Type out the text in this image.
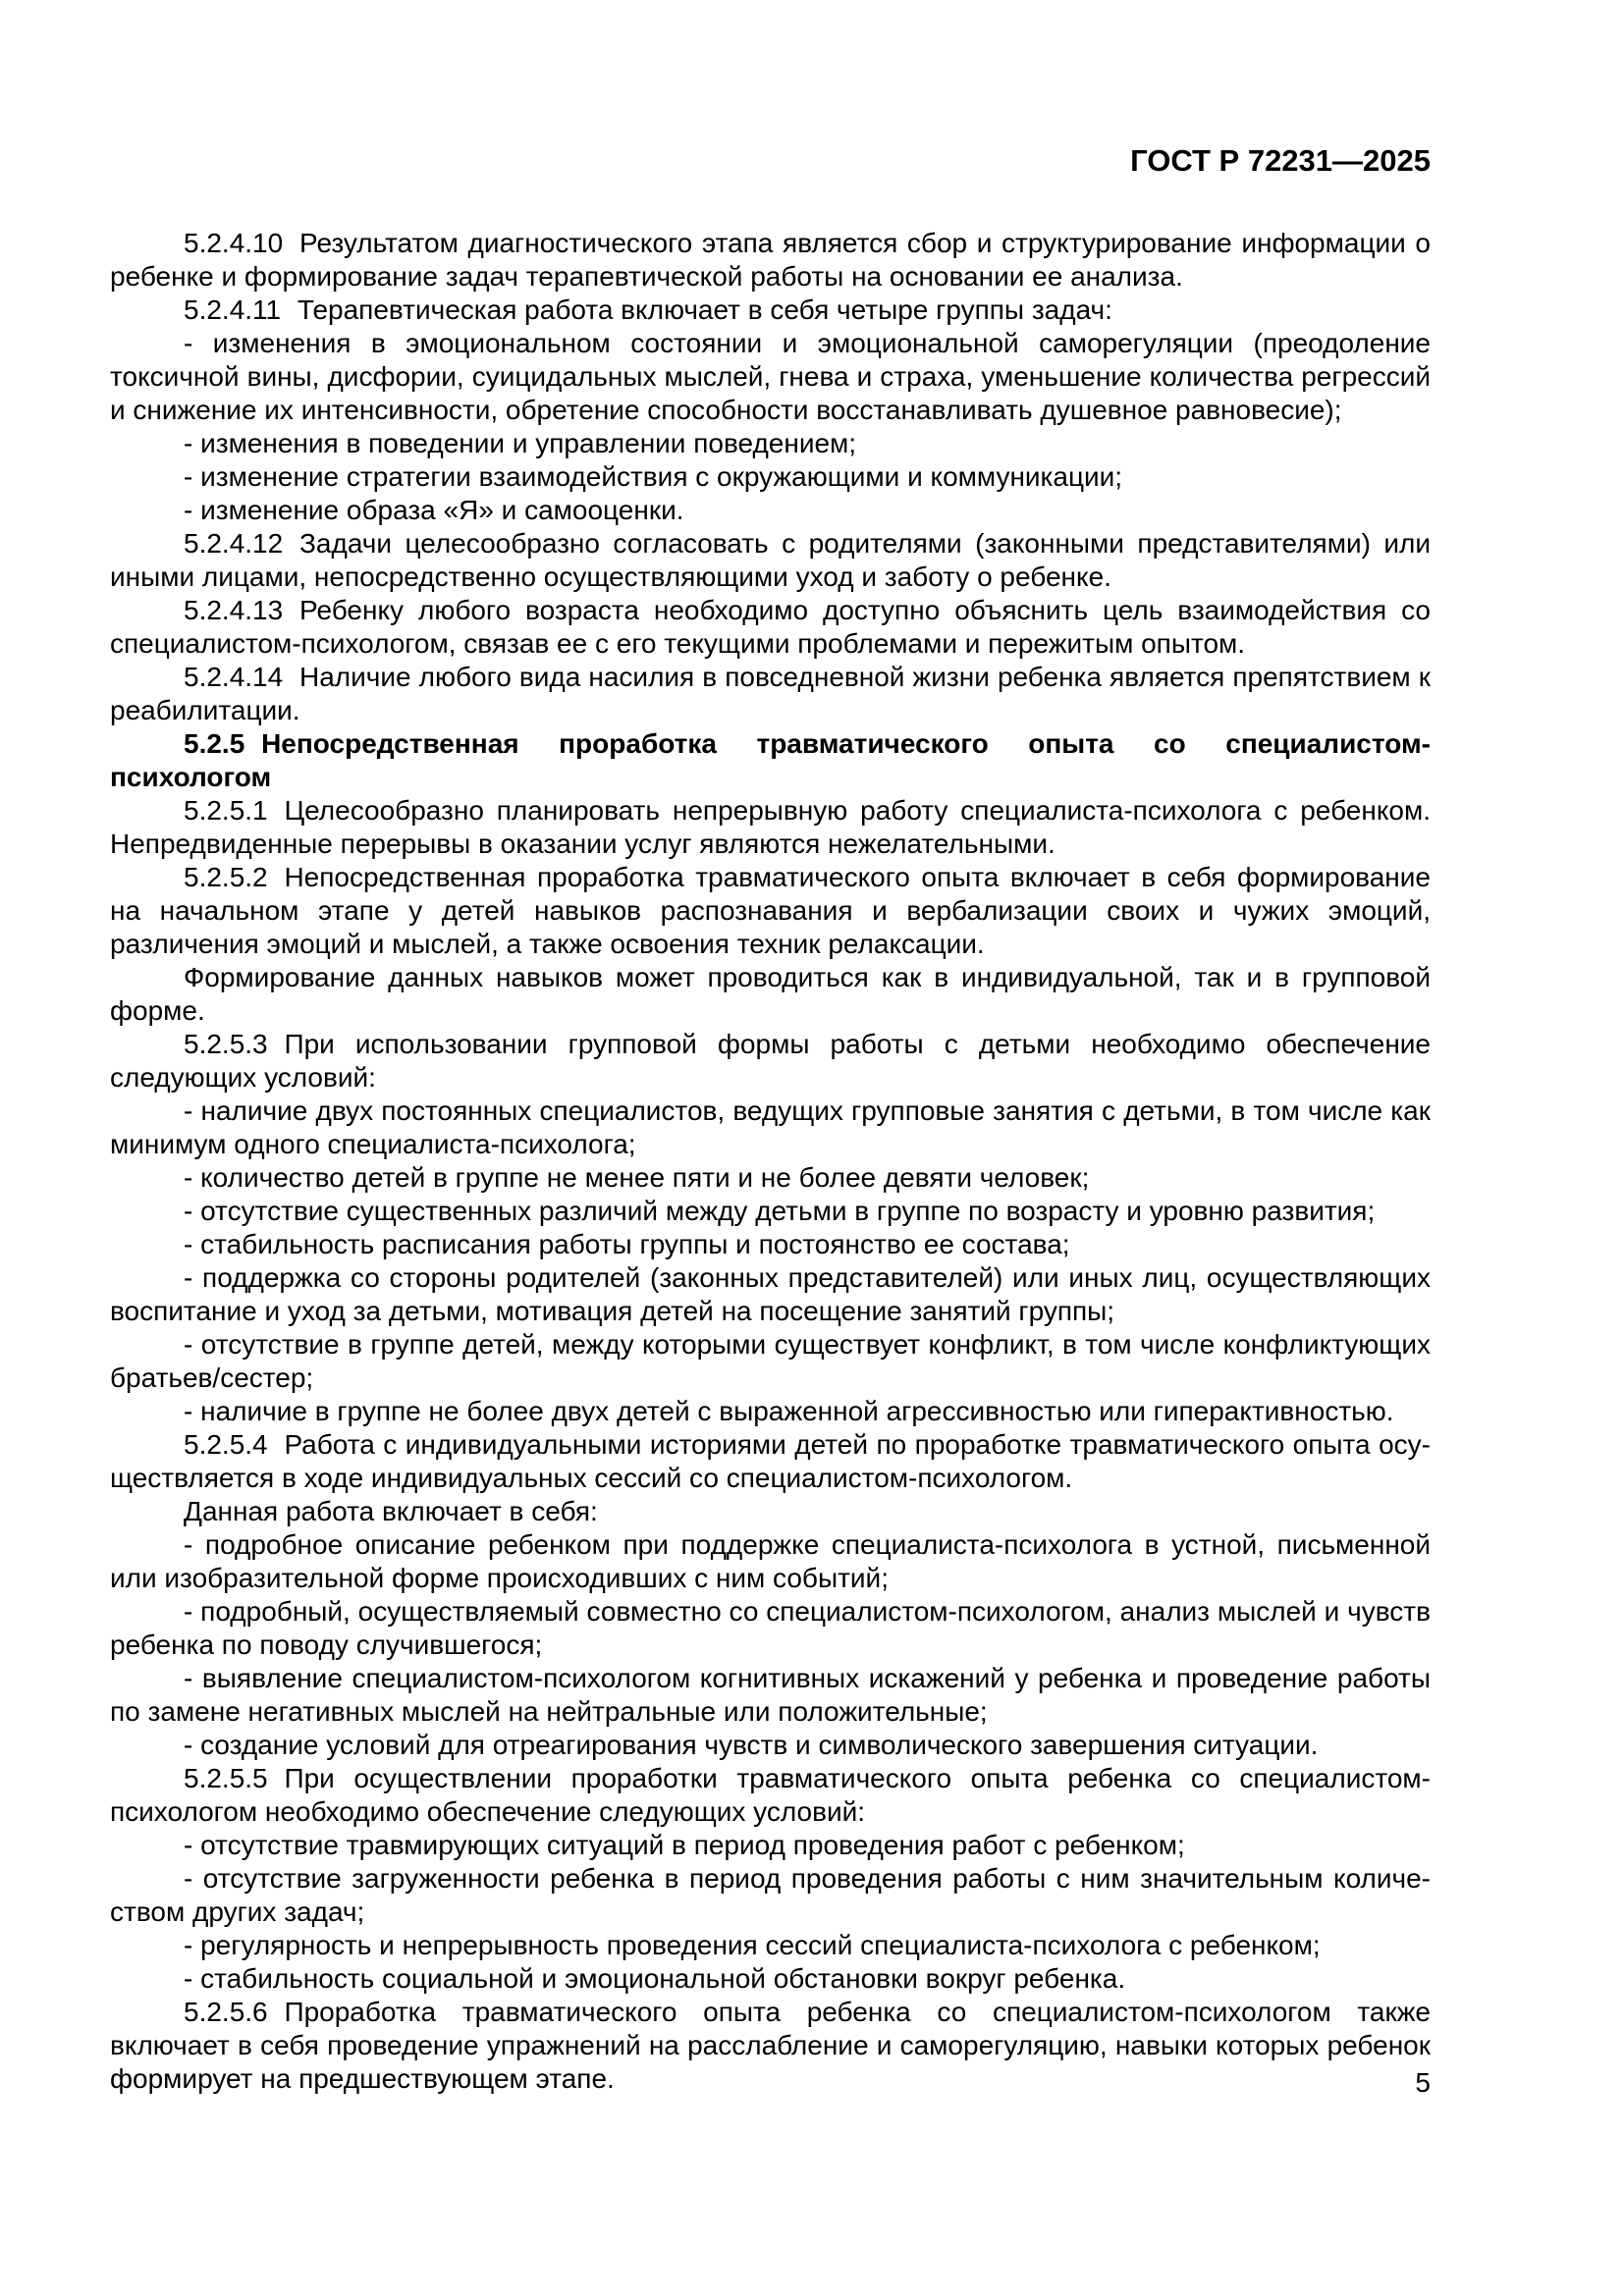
ГОСТ Р 72231—2025

5.2.4.10 Результатом диагностического этапа является сбор и структурирование информации о ребенке и формирование задач терапевтической работы на основании ее анализа.

5.2.4.11 Терапевтическая работа включает в себя четыре группы задач:

- изменения в эмоциональном состоянии и эмоциональной саморегуляции (преодоление токсичной вины, дисфории, суицидальных мыслей, гнева и страха, уменьшение количества регрессий и снижение их интенсивности, обретение способности восстанавливать душевное равновесие);

- изменения в поведении и управлении поведением;

- изменение стратегии взаимодействия с окружающими и коммуникации;

- изменение образа «Я» и самооценки.

5.2.4.12 Задачи целесообразно согласовать с родителями (законными представителями) или иными лицами, непосредственно осуществляющими уход и заботу о ребенке.

5.2.4.13 Ребенку любого возраста необходимо доступно объяснить цель взаимодействия со специалистом-психологом, связав ее с его текущими проблемами и пережитым опытом.

5.2.4.14 Наличие любого вида насилия в повседневной жизни ребенка является препятствием к реабилитации.

5.2.5 Непосредственная проработка травматического опыта со специалистом-психологом

5.2.5.1 Целесообразно планировать непрерывную работу специалиста-психолога с ребенком. Непредвиденные перерывы в оказании услуг являются нежелательными.

5.2.5.2 Непосредственная проработка травматического опыта включает в себя формирование на начальном этапе у детей навыков распознавания и вербализации своих и чужих эмоций, различения эмоций и мыслей, а также освоения техник релаксации.

Формирование данных навыков может проводиться как в индивидуальной, так и в групповой форме.

5.2.5.3 При использовании групповой формы работы с детьми необходимо обеспечение следующих условий:

- наличие двух постоянных специалистов, ведущих групповые занятия с детьми, в том числе как минимум одного специалиста-психолога;

- количество детей в группе не менее пяти и не более девяти человек;

- отсутствие существенных различий между детьми в группе по возрасту и уровню развития;

- стабильность расписания работы группы и постоянство ее состава;

- поддержка со стороны родителей (законных представителей) или иных лиц, осуществляющих воспитание и уход за детьми, мотивация детей на посещение занятий группы;

- отсутствие в группе детей, между которыми существует конфликт, в том числе конфликтующих братьев/сестер;

- наличие в группе не более двух детей с выраженной агрессивностью или гиперактивностью.

5.2.5.4 Работа с индивидуальными историями детей по проработке травматического опыта осуществляется в ходе индивидуальных сессий со специалистом-психологом.

Данная работа включает в себя:

- подробное описание ребенком при поддержке специалиста-психолога в устной, письменной или изобразительной форме происходивших с ним событий;

- подробный, осуществляемый совместно со специалистом-психологом, анализ мыслей и чувств ребенка по поводу случившегося;

- выявление специалистом-психологом когнитивных искажений у ребенка и проведение работы по замене негативных мыслей на нейтральные или положительные;

- создание условий для отреагирования чувств и символического завершения ситуации.

5.2.5.5 При осуществлении проработки травматического опыта ребенка со специалистом-психологом необходимо обеспечение следующих условий:

- отсутствие травмирующих ситуаций в период проведения работ с ребенком;

- отсутствие загруженности ребенка в период проведения работы с ним значительным количеством других задач;

- регулярность и непрерывность проведения сессий специалиста-психолога с ребенком;

- стабильность социальной и эмоциональной обстановки вокруг ребенка.

5.2.5.6 Проработка травматического опыта ребенка со специалистом-психологом также включает в себя проведение упражнений на расслабление и саморегуляцию, навыки которых ребенок формирует на предшествующем этапе.	5
